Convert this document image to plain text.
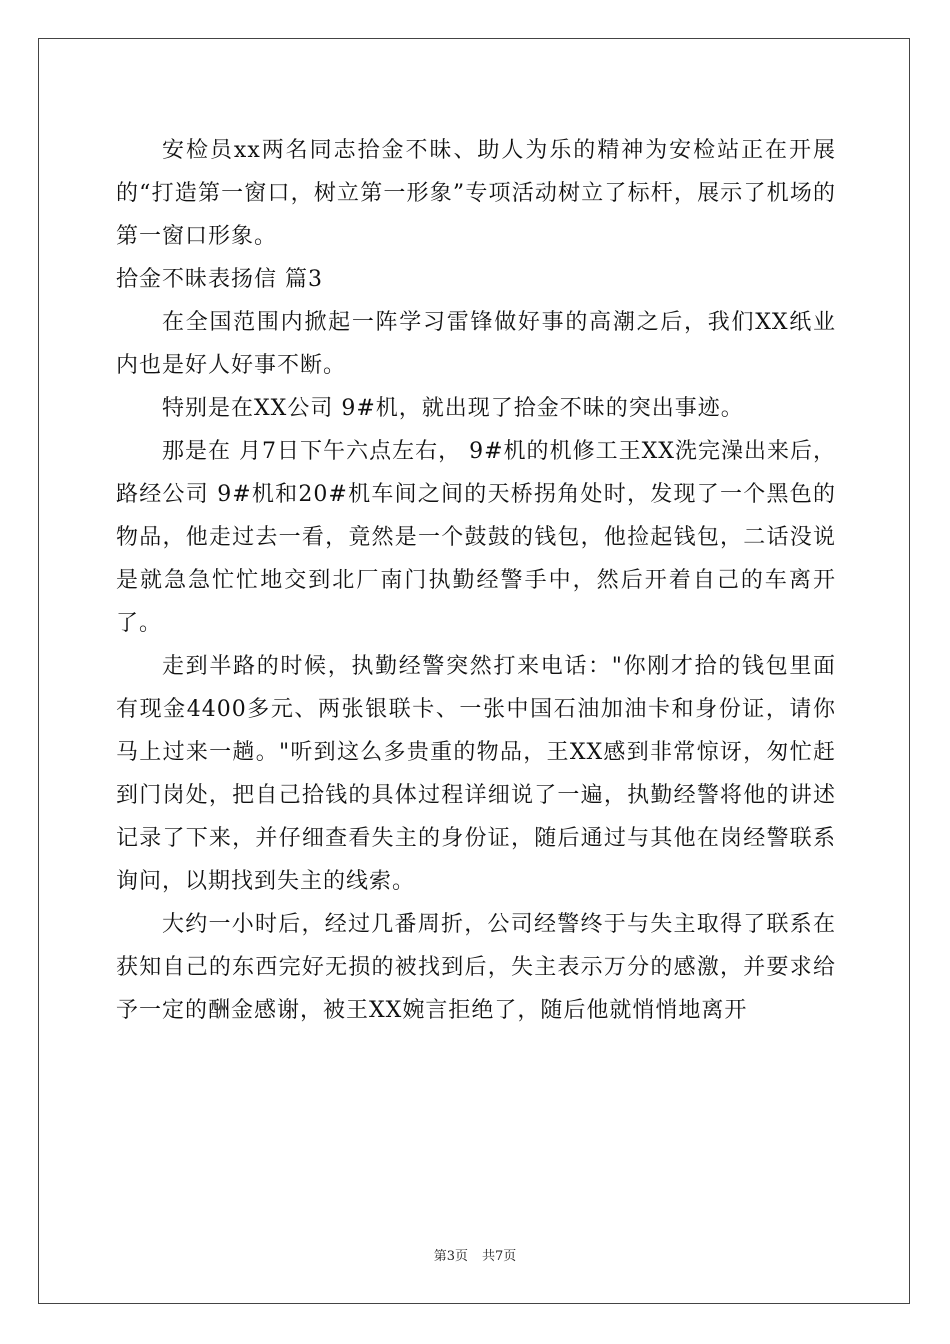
安检员xx两名同志拾金不昧、助人为乐的精神为安检站正在开展的“打造第一窗口，树立第一形象”专项活动树立了标杆，展示了机场的第一窗口形象。

拾金不昧表扬信 篇3

在全国范围内掀起一阵学习雷锋做好事的高潮之后，我们XX纸业内也是好人好事不断。

特别是在XX公司 9#机，就出现了拾金不昧的突出事迹。

那是在 月7日下午六点左右， 9#机的机修工王XX洗完澡出来后，路经公司 9#机和20#机车间之间的天桥拐角处时，发现了一个黑色的物品，他走过去一看，竟然是一个鼓鼓的钱包，他捡起钱包，二话没说是就急急忙忙地交到北厂南门执勤经警手中，然后开着自己的车离开了。

走到半路的时候，执勤经警突然打来电话："你刚才拾的钱包里面有现金4400多元、两张银联卡、一张中国石油加油卡和身份证，请你马上过来一趟。"听到这么多贵重的物品，王XX感到非常惊讶，匆忙赶到门岗处，把自己拾钱的具体过程详细说了一遍，执勤经警将他的讲述记录了下来，并仔细查看失主的身份证，随后通过与其他在岗经警联系询问，以期找到失主的线索。

大约一小时后，经过几番周折，公司经警终于与失主取得了联系在获知自己的东西完好无损的被找到后，失主表示万分的感激，并要求给予一定的酬金感谢，被王XX婉言拒绝了，随后他就悄悄地离开

第3页 共7页
